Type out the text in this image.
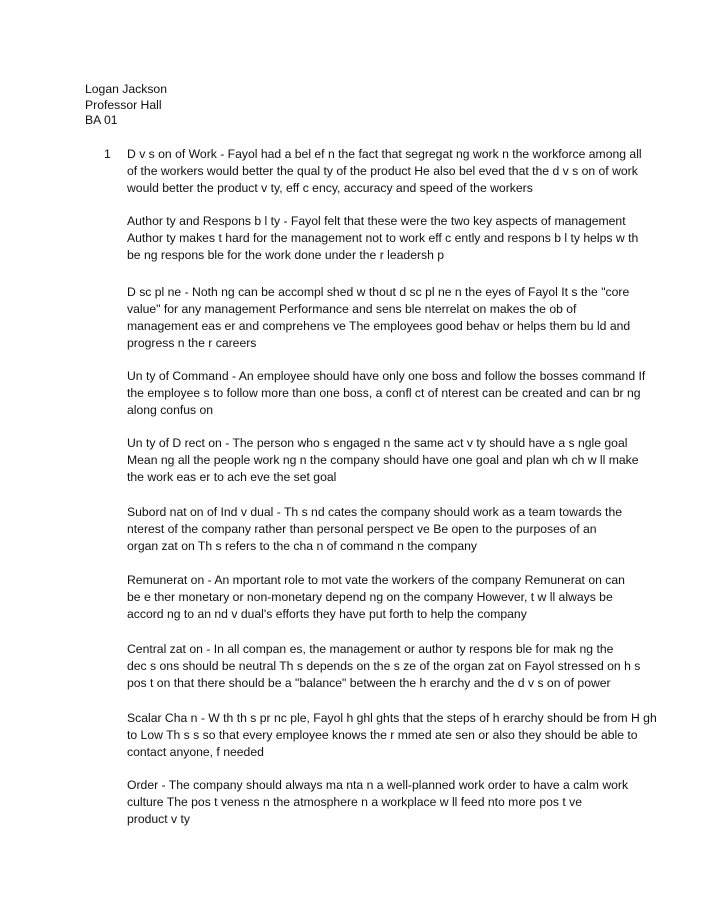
Logan Jackson
Professor Hall
BA 01
1 D v s on of Work - Fayol had a bel ef n the fact that segregat ng work n the workforce among all
of the workers would better the qual ty of the product He also bel eved that the d v s on of work
would better the product v ty, eff c ency, accuracy and speed of the workers
Author ty and Respons b l ty - Fayol felt that these were the two key aspects of management
Author ty makes t hard for the management not to work eff c ently and respons b l ty helps w th
be ng respons ble for the work done under the r leadersh p
D sc pl ne - Noth ng can be accompl shed w thout d sc pl ne n the eyes of Fayol It s the "core
value" for any management Performance and sens ble nterrelat on makes the ob of
management eas er and comprehens ve The employees good behav or helps them bu ld and
progress n the r careers
Un ty of Command - An employee should have only one boss and follow the bosses command If
the employee s to follow more than one boss, a confl ct of nterest can be created and can br ng
along confus on
Un ty of D rect on - The person who s engaged n the same act v ty should have a s ngle goal
Mean ng all the people work ng n the company should have one goal and plan wh ch w ll make
the work eas er to ach eve the set goal
Subord nat on of Ind v dual - Th s nd cates the company should work as a team towards the
nterest of the company rather than personal perspect ve Be open to the purposes of an
organ zat on Th s refers to the cha n of command n the company
Remunerat on - An mportant role to mot vate the workers of the company Remunerat on can
be e ther monetary or non-monetary depend ng on the company However, t w ll always be
accord ng to an nd v dual's efforts they have put forth to help the company
Central zat on - In all compan es, the management or author ty respons ble for mak ng the
dec s ons should be neutral Th s depends on the s ze of the organ zat on Fayol stressed on h s
pos t on that there should be a "balance" between the h erarchy and the d v s on of power
Scalar Cha n - W th th s pr nc ple, Fayol h ghl ghts that the steps of h erarchy should be from H gh
to Low Th s s so that every employee knows the r mmed ate sen or also they should be able to
contact anyone, f needed
Order - The company should always ma nta n a well-planned work order to have a calm work
culture The pos t veness n the atmosphere n a workplace w ll feed nto more pos t ve
product v ty
